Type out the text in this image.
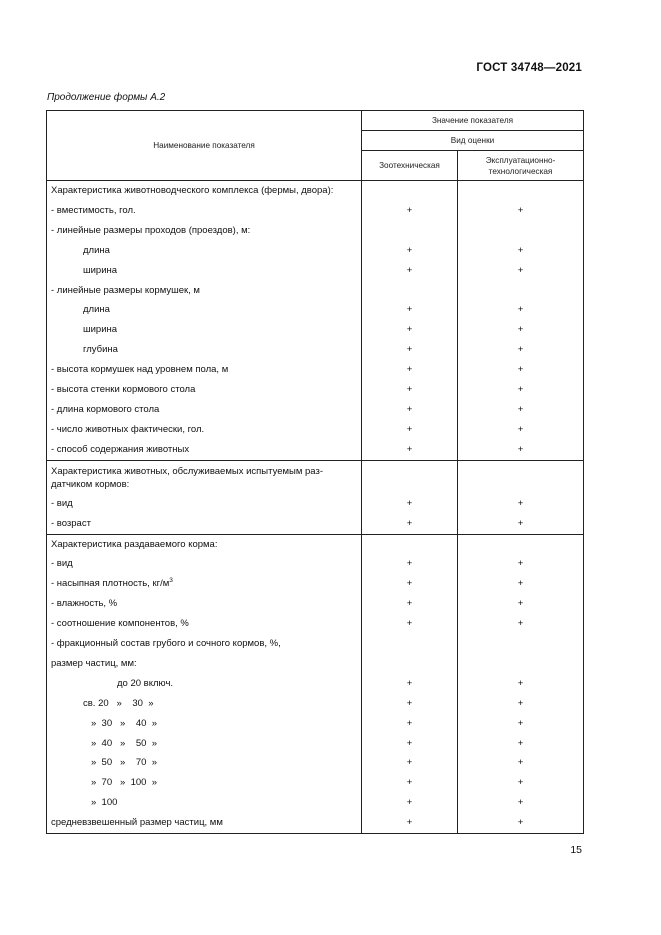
ГОСТ 34748—2021
Продолжение формы А.2
Наименование показателя	Значение показателя	
	Вид оценки	
	Зоотехническая	Эксплуатационно-
технологическая
Характеристика животноводческого комплекса (фермы, двора):		
- вместимость, гол.	+	+
- линейные размеры проходов (проездов), м:		
длина	+	+
ширина	+	+
- линейные размеры кормушек, м		
длина	+	+
ширина	+	+
глубина	+	+
- высота кормушек над уровнем пола, м	+	+
- высота стенки кормового стола	+	+
- длина кормового стола	+	+
- число животных фактически, гол.	+	+
- способ содержания животных	+	+
Характеристика животных, обслуживаемых испытуемым раз-		
датчиком кормов:		
- вид	+	+
- возраст	+	+
Характеристика раздаваемого корма:		
- вид	+	+
- насыпная плотность, $кг/м^3$	+	+
- влажность, %	+	+
- соотношение компонентов, %	+	+
- фракционный состав грубого и сочного кормов, %,		
размер частиц, мм:		
до 20 включ.	+	+
св. 20   »    30  »	+	+
»  30   »    40  »	+	+
»  40   »    50  »	+	+
»  50   »    70  »	+	+
»  70   »  100  »	+	+
»  100	+	+
средневзвешенный размер частиц, мм	+	+
15
